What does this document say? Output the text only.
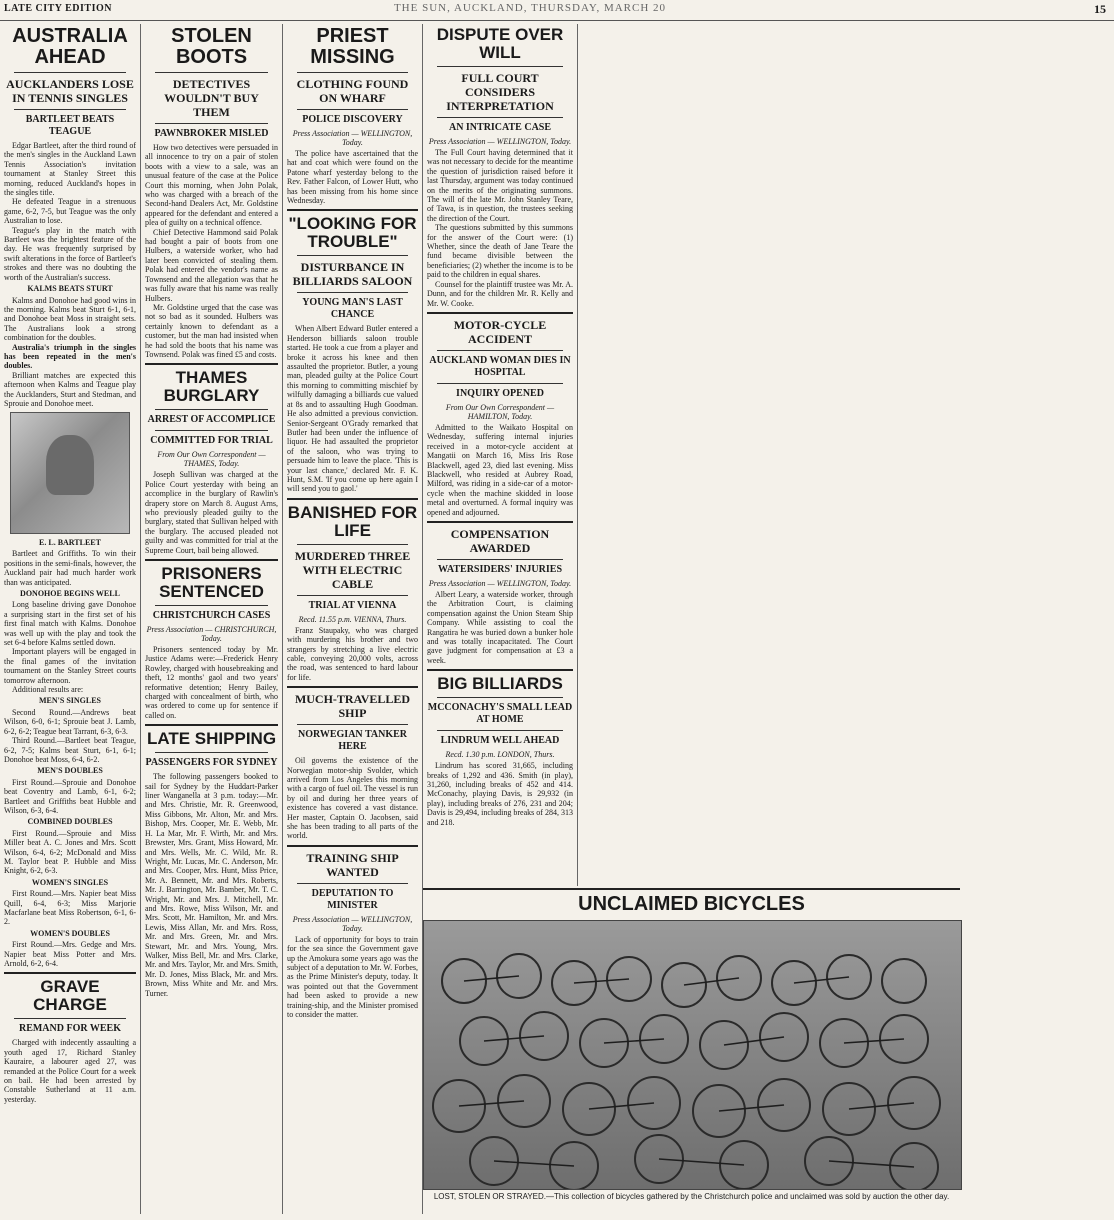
LATE CITY EDITION	THE SUN, AUCKLAND, THURSDAY, MARCH 20	15
AUSTRALIA AHEAD
AUCKLANDERS LOSE IN TENNIS SINGLES
BARTLEET BEATS TEAGUE

Edgar Bartleet, after the third round of the men's singles in the Auckland Lawn Tennis Association's invitation tournament at Stanley Street this morning, reduced Auckland's hopes in the singles title.

He defeated Teague in a strenuous game, 6-2, 7-5, but Teague was the only Australian to lose.

Teague's play in the match with Bartleet was the brightest feature of the day. He was frequently surprised by swift alterations in the force of Bartleet's strokes and there was no doubting the worth of the Australian's success.

KALMS BEATS STURT

Kalms and Donohoe had good wins in the morning. Kalms beat Sturt 6-1, 6-1, and Donohoe beat Moss in straight sets. The Australians look a strong combination for the doubles.

Australia's triumph in the singles has been repeated in the men's doubles.

Brilliant matches are expected this afternoon when Kalms and Teague play the Aucklanders, Sturt and Stedman, and Sprouie and Donohoe meet.

E. L. BARTLEET

Bartleet and Griffiths. To win their positions in the semi-finals, however, the Auckland pair had much harder work than was anticipated.

DONOHOE BEGINS WELL

Long baseline driving gave Donohoe a surprising start in the first set of his first final match with Kalms. Donohoe was well up with the play and took the set 6-4 before Kalms settled down.

Important players will be engaged in the final games of the invitation tournament on the Stanley Street courts tomorrow afternoon.

Additional results are:

MEN'S SINGLES

Second Round.—Andrews beat Wilson, 6-0, 6-1; Sprouie beat J. Lamb, 6-2, 6-2; Teague beat Tarrant, 6-3, 6-3.

Third Round.—Bartleet beat Teague, 6-2, 7-5; Kalms beat Sturt, 6-1, 6-1; Donohoe beat Moss, 6-4, 6-2.

MEN'S DOUBLES

First Round.—Sprouie and Donohoe beat Coventry and Lamb, 6-1, 6-2; Bartleet and Griffiths beat Hubble and Wilson, 6-3, 6-4.

COMBINED DOUBLES

First Round.—Sprouie and Miss Miller beat A. C. Jones and Mrs. Scott Wilson, 6-4, 6-2; McDonald and Miss M. Taylor beat P. Hubble and Miss Knight, 6-2, 6-3.

WOMEN'S SINGLES

First Round.—Mrs. Napier beat Miss Quill, 6-4, 6-3; Miss Marjorie Macfarlane beat Miss Robertson, 6-1, 6-2.

WOMEN'S DOUBLES

First Round.—Mrs. Gedge and Mrs. Napier beat Miss Potter and Mrs. Arnold, 6-2, 6-4.

GRAVE CHARGE
REMAND FOR WEEK

Charged with indecently assaulting a youth aged 17, Richard Stanley Kauraire, a labourer aged 27, was remanded at the Police Court for a week on bail. He had been arrested by Constable Sutherland at 11 a.m. yesterday.

STOLEN BOOTS
DETECTIVES WOULDN'T BUY THEM
PAWNBROKER MISLED

How two detectives were persuaded in all innocence to try on a pair of stolen boots with a view to a sale, was an unusual feature of the case at the Police Court this morning, when John Polak, who was charged with a breach of the Second-hand Dealers Act, Mr. Goldstine appeared for the defendant and entered a plea of guilty on a technical offence.

Chief Detective Hammond said Polak had bought a pair of boots from one Hulbers, a waterside worker, who had later been convicted of stealing them. Polak had entered the vendor's name as Townsend and the allegation was that he was fully aware that his name was really Hulbers.

Mr. Goldstine urged that the case was not so bad as it sounded. Hulbers was certainly known to defendant as a customer, but the man had insisted when he had sold the boots that his name was Townsend. Polak was fined £5 and costs.

THAMES BURGLARY
ARREST OF ACCOMPLICE
COMMITTED FOR TRIAL
From Our Own Correspondent — THAMES, Today.

Joseph Sullivan was charged at the Police Court yesterday with being an accomplice in the burglary of Rawlin's drapery store on March 8. August Arns, who previously pleaded guilty to the burglary, stated that Sullivan helped with the burglary. The accused pleaded not guilty and was committed for trial at the Supreme Court, bail being allowed.

PRISONERS SENTENCED
CHRISTCHURCH CASES
Press Association — CHRISTCHURCH, Today.

Prisoners sentenced today by Mr. Justice Adams were:—Frederick Henry Rowley, charged with housebreaking and theft, 12 months' gaol and two years' reformative detention; Henry Bailey, charged with concealment of birth, who was ordered to come up for sentence if called on.

LATE SHIPPING
PASSENGERS FOR SYDNEY

The following passengers booked to sail for Sydney by the Huddart-Parker liner Wanganella at 3 p.m. today:—Mr. and Mrs. Christie, Mr. R. Greenwood, Miss Gibbons, Mr. Alton, Mr. and Mrs. Bishop, Mrs. Cooper, Mr. E. Webb, Mr. H. La Mar, Mr. F. Wirth, Mr. and Mrs. Brewster, Mrs. Grant, Miss Howard, Mr. and Mrs. Wells, Mr. C. Wild, Mr. R. Wright, Mr. Lucas, Mr. C. Anderson, Mr. and Mrs. Cooper, Mrs. Hunt, Miss Price, Mr. A. Bennett, Mr. and Mrs. Roberts, Mr. J. Barrington, Mr. Bamber, Mr. T. C. Wright, Mr. and Mrs. J. Mitchell, Mr. and Mrs. Rowe, Miss Wilson, Mr. and Mrs. Scott, Mr. Hamilton, Mr. and Mrs. Lewis, Miss Allan, Mr. and Mrs. Ross, Mr. and Mrs. Green, Mr. and Mrs. Stewart, Mr. and Mrs. Young, Mrs. Walker, Miss Bell, Mr. and Mrs. Clarke, Mr. and Mrs. Taylor, Mr. and Mrs. Smith, Mr. D. Jones, Miss Black, Mr. and Mrs. Brown, Miss White and Mr. and Mrs. Turner.

PRIEST MISSING
CLOTHING FOUND ON WHARF
POLICE DISCOVERY
Press Association — WELLINGTON, Today.

The police have ascertained that the hat and coat which were found on the Patone wharf yesterday belong to the Rev. Father Falcon, of Lower Hutt, who has been missing from his home since Wednesday.

"LOOKING FOR TROUBLE"
DISTURBANCE IN BILLIARDS SALOON
YOUNG MAN'S LAST CHANCE

When Albert Edward Butler entered a Henderson billiards saloon trouble started. He took a cue from a player and broke it across his knee and then assaulted the proprietor. Butler, a young man, pleaded guilty at the Police Court this morning to committing mischief by wilfully damaging a billiards cue valued at 8s and to assaulting Hugh Goodman. He also admitted a previous conviction. Senior-Sergeant O'Grady remarked that Butler had been under the influence of liquor. He had assaulted the proprietor of the saloon, who was trying to persuade him to leave the place. 'This is your last chance,' declared Mr. F. K. Hunt, S.M. 'If you come up here again I will send you to gaol.'

BANISHED FOR LIFE
MURDERED THREE WITH ELECTRIC CABLE
TRIAL AT VIENNA
Recd. 11.55 p.m. VIENNA, Thurs.

Franz Staupaky, who was charged with murdering his brother and two strangers by stretching a live electric cable, conveying 20,000 volts, across the road, was sentenced to hard labour for life.

MUCH-TRAVELLED SHIP
NORWEGIAN TANKER HERE

Oil governs the existence of the Norwegian motor-ship Svolder, which arrived from Los Angeles this morning with a cargo of fuel oil. The vessel is run by oil and during her three years of existence has covered a vast distance. Her master, Captain O. Jacobsen, said she has been trading to all parts of the world.

TRAINING SHIP WANTED
DEPUTATION TO MINISTER
Press Association — WELLINGTON, Today.

Lack of opportunity for boys to train for the sea since the Government gave up the Amokura some years ago was the subject of a deputation to Mr. W. Forbes, as the Prime Minister's deputy, today. It was pointed out that the Government had been asked to provide a new training-ship, and the Minister promised to consider the matter.

DISPUTE OVER WILL
FULL COURT CONSIDERS INTERPRETATION
AN INTRICATE CASE
Press Association — WELLINGTON, Today.

The Full Court having determined that it was not necessary to decide for the meantime the question of jurisdiction raised before it last Thursday, argument was today continued on the merits of the originating summons. The will of the late Mr. John Stanley Teare, of Tawa, is in question, the trustees seeking the direction of the Court.

The questions submitted by this summons for the answer of the Court were: (1) Whether, since the death of Jane Teare the fund became divisible between the beneficiaries; (2) whether the income is to be paid to the children in equal shares.

Counsel for the plaintiff trustee was Mr. A. Dunn, and for the children Mr. R. Kelly and Mr. W. Cooke.

MOTOR-CYCLE ACCIDENT
AUCKLAND WOMAN DIES IN HOSPITAL
INQUIRY OPENED
From Our Own Correspondent — HAMILTON, Today.

Admitted to the Waikato Hospital on Wednesday, suffering internal injuries received in a motor-cycle accident at Mangatii on March 16, Miss Iris Rose Blackwell, aged 23, died last evening. Miss Blackwell, who resided at Aubrey Road, Milford, was riding in a side-car of a motor-cycle when the machine skidded in loose metal and overturned. A formal inquiry was opened and adjourned.

COMPENSATION AWARDED
WATERSIDERS' INJURIES
Press Association — WELLINGTON, Today.

Albert Leary, a waterside worker, through the Arbitration Court, is claiming compensation against the Union Steam Ship Company. While assisting to coal the Rangatira he was buried down a bunker hole and was totally incapacitated. The Court gave judgment for compensation at £3 a week.

BIG BILLIARDS
MCCONACHY'S SMALL LEAD AT HOME
LINDRUM WELL AHEAD
Recd. 1.30 p.m. LONDON, Thurs.

Lindrum has scored 31,665, including breaks of 1,292 and 436. Smith (in play), 31,260, including breaks of 452 and 414. McConachy, playing Davis, is 29,932 (in play), including breaks of 276, 231 and 204; Davis is 29,494, including breaks of 284, 313 and 218.

UNCLAIMED BICYCLES
LOST, STOLEN OR STRAYED.—This collection of bicycles gathered by the Christchurch police and unclaimed was sold by auction the other day.
